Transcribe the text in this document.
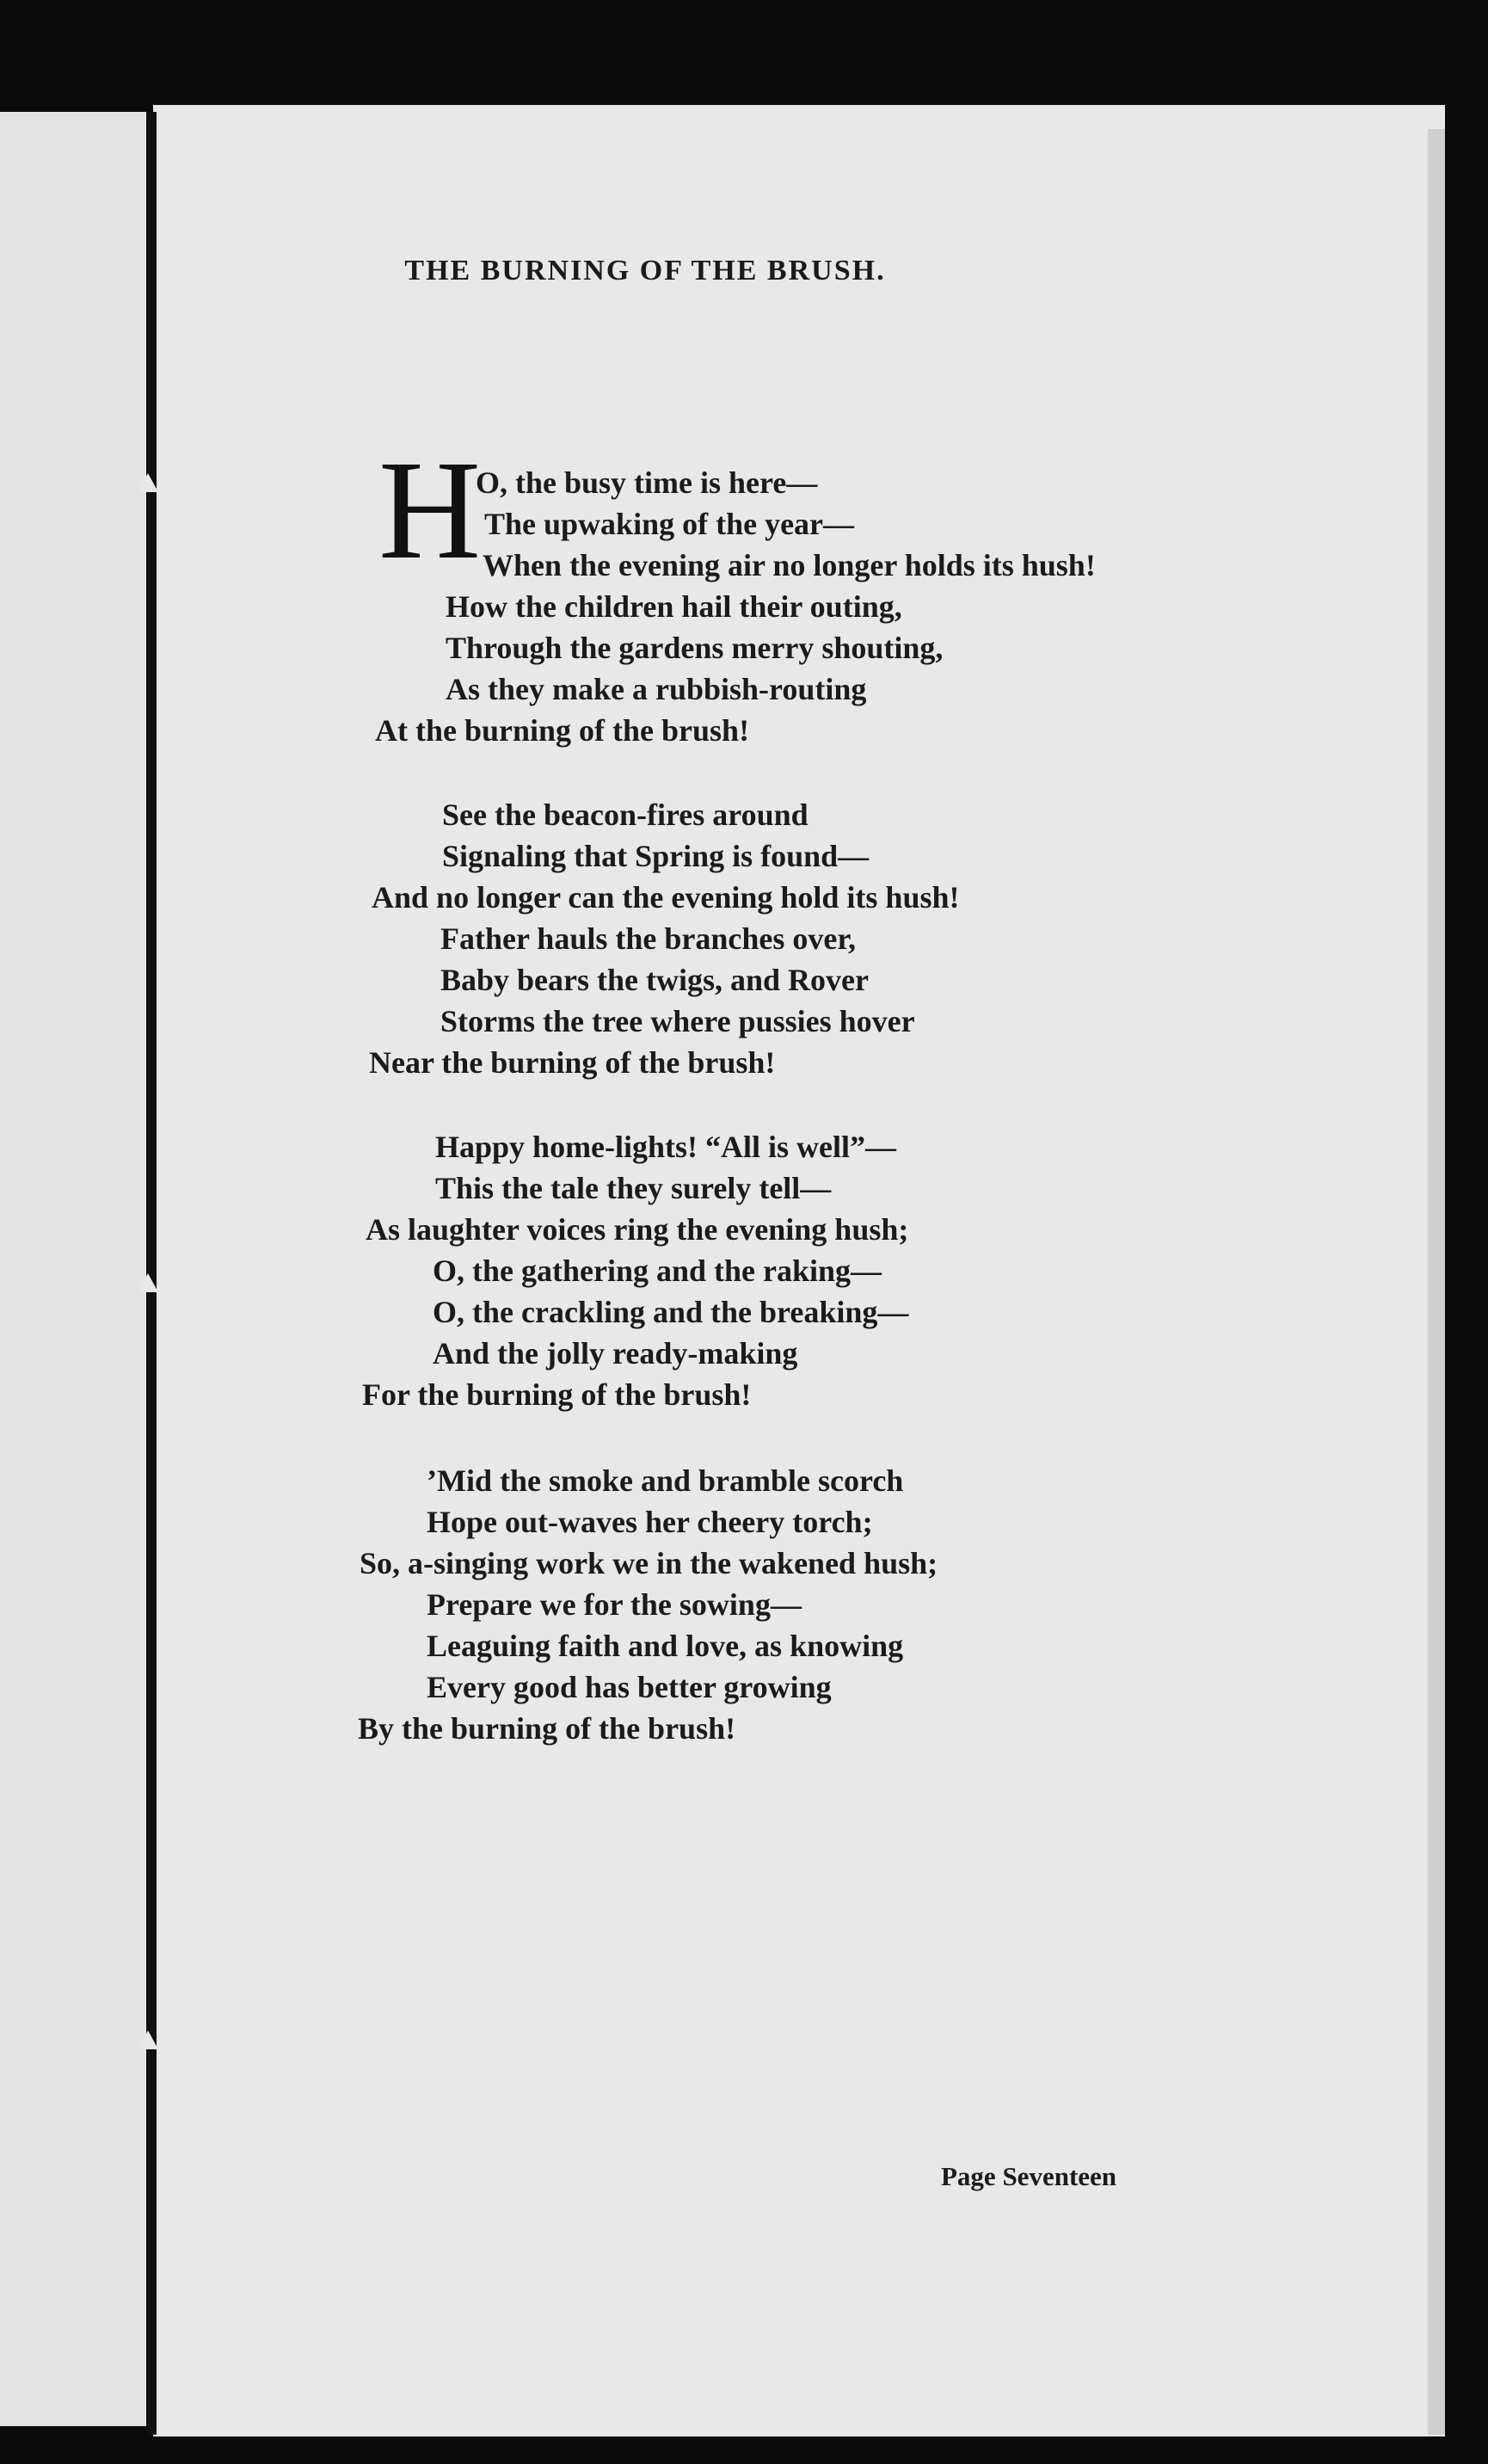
THE BURNING OF THE BRUSH.
H
O, the busy time is here—
The upwaking of the year—
When the evening air no longer holds its hush!
How the children hail their outing,
Through the gardens merry shouting,
As they make a rubbish-routing
At the burning of the brush!
See the beacon-fires around
Signaling that Spring is found—
And no longer can the evening hold its hush!
Father hauls the branches over,
Baby bears the twigs, and Rover
Storms the tree where pussies hover
Near the burning of the brush!
Happy home-lights! “All is well”—
This the tale they surely tell—
As laughter voices ring the evening hush;
O, the gathering and the raking—
O, the crackling and the breaking—
And the jolly ready-making
For the burning of the brush!
’Mid the smoke and bramble scorch
Hope out-waves her cheery torch;
So, a-singing work we in the wakened hush;
Prepare we for the sowing—
Leaguing faith and love, as knowing
Every good has better growing
By the burning of the brush!
Page Seventeen
